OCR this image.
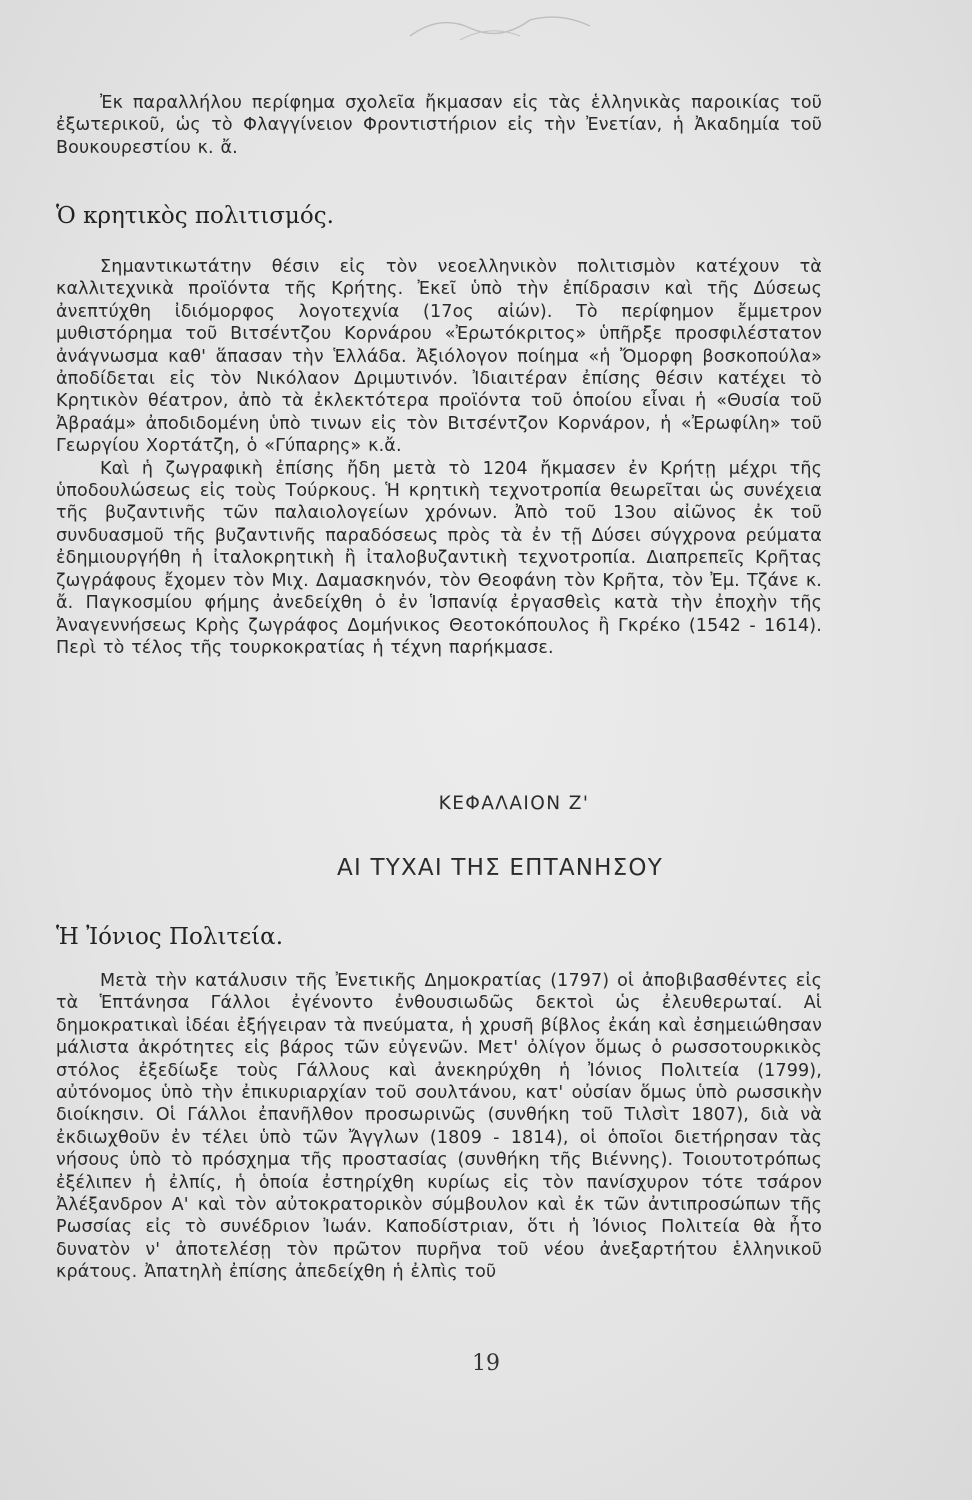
Ἐκ παραλλήλου περίφημα σχολεῖα ἤκμασαν εἰς τὰς ἑλληνικὰς παροικίας τοῦ ἐξωτερικοῦ, ὡς τὸ Φλαγγίνειον Φροντιστήριον εἰς τὴν Ἐνετίαν, ἡ Ἀκαδημία τοῦ Βουκουρεστίου κ. ἄ.

Ὁ κρητικὸς πολιτισμός.

Σημαντικωτάτην θέσιν εἰς τὸν νεοελληνικὸν πολιτισμὸν κατέχουν τὰ καλλιτεχνικὰ προϊόντα τῆς Κρήτης. Ἐκεῖ ὑπὸ τὴν ἐπίδρασιν καὶ τῆς Δύσεως ἀνεπτύχθη ἰδιόμορφος λογοτεχνία (17ος αἰών). Τὸ περίφημον ἔμμετρον μυθιστόρημα τοῦ Βιτσέντζου Κορνάρου «Ἐρωτόκριτος» ὑπῆρξε προσφιλέστατον ἀνάγνωσμα καθ' ἅπασαν τὴν Ἑλλάδα. Ἀξιόλογον ποίημα «ἡ Ὄμορφη βοσκοπούλα» ἀποδίδεται εἰς τὸν Νικόλαον Δριμυτινόν. Ἰδιαιτέραν ἐπίσης θέσιν κατέχει τὸ Κρητικὸν θέατρον, ἀπὸ τὰ ἐκλεκτότερα προϊόντα τοῦ ὁποίου εἶναι ἡ «Θυσία τοῦ Ἀβραάμ» ἀποδιδομένη ὑπὸ τινων εἰς τὸν Βιτσέντζον Κορνάρον, ἡ «Ἐρωφίλη» τοῦ Γεωργίου Χορτάτζη, ὁ «Γύπαρης» κ.ἄ.

Καὶ ἡ ζωγραφικὴ ἐπίσης ἤδη μετὰ τὸ 1204 ἤκμασεν ἐν Κρήτῃ μέχρι τῆς ὑποδουλώσεως εἰς τοὺς Τούρκους. Ἡ κρητικὴ τεχνοτροπία θεωρεῖται ὡς συνέχεια τῆς βυζαντινῆς τῶν παλαιολογείων χρόνων. Ἀπὸ τοῦ 13ου αἰῶνος ἐκ τοῦ συνδυασμοῦ τῆς βυζαντινῆς παραδόσεως πρὸς τὰ ἐν τῇ Δύσει σύγχρονα ρεύματα ἐδημιουργήθη ἡ ἰταλοκρητικὴ ἢ ἰταλοβυζαντικὴ τεχνοτροπία. Διαπρεπεῖς Κρῆτας ζωγράφους ἔχομεν τὸν Μιχ. Δαμασκηνόν, τὸν Θεοφάνη τὸν Κρῆτα, τὸν Ἐμ. Τζάνε κ. ἄ. Παγκοσμίου φήμης ἀνεδείχθη ὁ ἐν Ἱσπανίᾳ ἐργασθεὶς κατὰ τὴν ἐποχὴν τῆς Ἀναγεννήσεως Κρὴς ζωγράφος Δομήνικος Θεοτοκόπουλος ἢ Γκρέκο (1542 - 1614). Περὶ τὸ τέλος τῆς τουρκοκρατίας ἡ τέχνη παρήκμασε.

ΚΕΦΑΛΑΙΟΝ Ζ'
ΑΙ ΤΥΧΑΙ ΤΗΣ ΕΠΤΑΝΗΣΟΥ
Ἡ Ἰόνιος Πολιτεία.

Μετὰ τὴν κατάλυσιν τῆς Ἐνετικῆς Δημοκρατίας (1797) οἱ ἀποβιβασθέντες εἰς τὰ Ἑπτάνησα Γάλλοι ἐγένοντο ἐνθουσιωδῶς δεκτοὶ ὡς ἐλευθερωταί. Αἱ δημοκρατικαὶ ἰδέαι ἐξήγειραν τὰ πνεύματα, ἡ χρυσῆ βίβλος ἐκάη καὶ ἐσημειώθησαν μάλιστα ἀκρότητες εἰς βάρος τῶν εὐγενῶν. Μετ' ὀλίγον ὅμως ὁ ρωσσοτουρκικὸς στόλος ἐξεδίωξε τοὺς Γάλλους καὶ ἀνεκηρύχθη ἡ Ἰόνιος Πολιτεία (1799), αὐτόνομος ὑπὸ τὴν ἐπικυριαρχίαν τοῦ σουλτάνου, κατ' οὐσίαν ὅμως ὑπὸ ρωσσικὴν διοίκησιν. Οἱ Γάλλοι ἐπανῆλθον προσωρινῶς (συνθήκη τοῦ Τιλσὶτ 1807), διὰ νὰ ἐκδιωχθοῦν ἐν τέλει ὑπὸ τῶν Ἄγγλων (1809 - 1814), οἱ ὁποῖοι διετήρησαν τὰς νήσους ὑπὸ τὸ πρόσχημα τῆς προστασίας (συνθήκη τῆς Βιέννης). Τοιουτοτρόπως ἐξέλιπεν ἡ ἐλπίς, ἡ ὁποία ἐστηρίχθη κυρίως εἰς τὸν πανίσχυρον τότε τσάρον Ἀλέξανδρον Α' καὶ τὸν αὐτοκρατορικὸν σύμβουλον καὶ ἐκ τῶν ἀντιπροσώπων τῆς Ρωσσίας εἰς τὸ συνέδριον Ἰωάν. Καποδίστριαν, ὅτι ἡ Ἰόνιος Πολιτεία θὰ ἦτο δυνατὸν ν' ἀποτελέσῃ τὸν πρῶτον πυρῆνα τοῦ νέου ἀνεξαρτήτου ἑλληνικοῦ κράτους. Ἀπατηλὴ ἐπίσης ἀπεδείχθη ἡ ἐλπὶς τοῦ

19
